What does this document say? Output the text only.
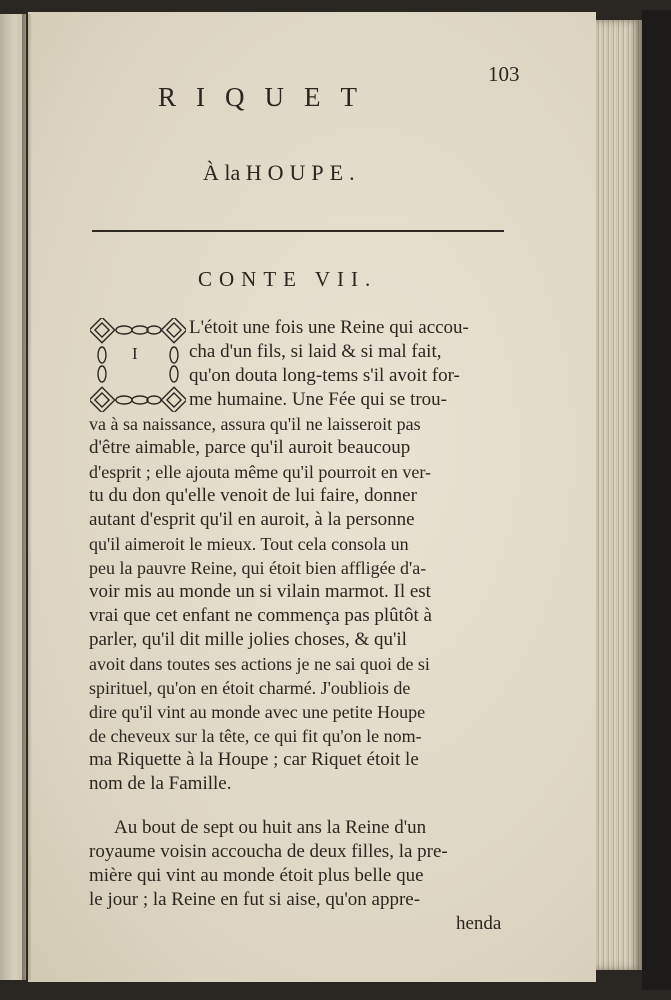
103
RIQUET
À la HOUPE.
CONTE VII.
I
L'étoit une fois une Reine qui accou-
cha d'un fils, si laid & si mal fait,
qu'on douta long-tems s'il avoit for-
me humaine. Une Fée qui se trou-
va à sa naissance, assura qu'il ne laisseroit pas
d'être aimable, parce qu'il auroit beaucoup
d'esprit ; elle ajouta même qu'il pourroit en ver-
tu du don qu'elle venoit de lui faire, donner
autant d'esprit qu'il en auroit, à la personne
qu'il aimeroit le mieux. Tout cela consola un
peu la pauvre Reine, qui étoit bien affligée d'a-
voir mis au monde un si vilain marmot. Il est
vrai que cet enfant ne commença pas plûtôt à
parler, qu'il dit mille jolies choses, & qu'il
avoit dans toutes ses actions je ne sai quoi de si
spirituel, qu'on en étoit charmé. J'oubliois de
dire qu'il vint au monde avec une petite Houpe
de cheveux sur la tête, ce qui fit qu'on le nom-
ma Riquette à la Houpe ; car Riquet étoit le
nom de la Famille.
Au bout de sept ou huit ans la Reine d'un
royaume voisin accoucha de deux filles, la pre-
mière qui vint au monde étoit plus belle que
le jour ; la Reine en fut si aise, qu'on appre-
henda
